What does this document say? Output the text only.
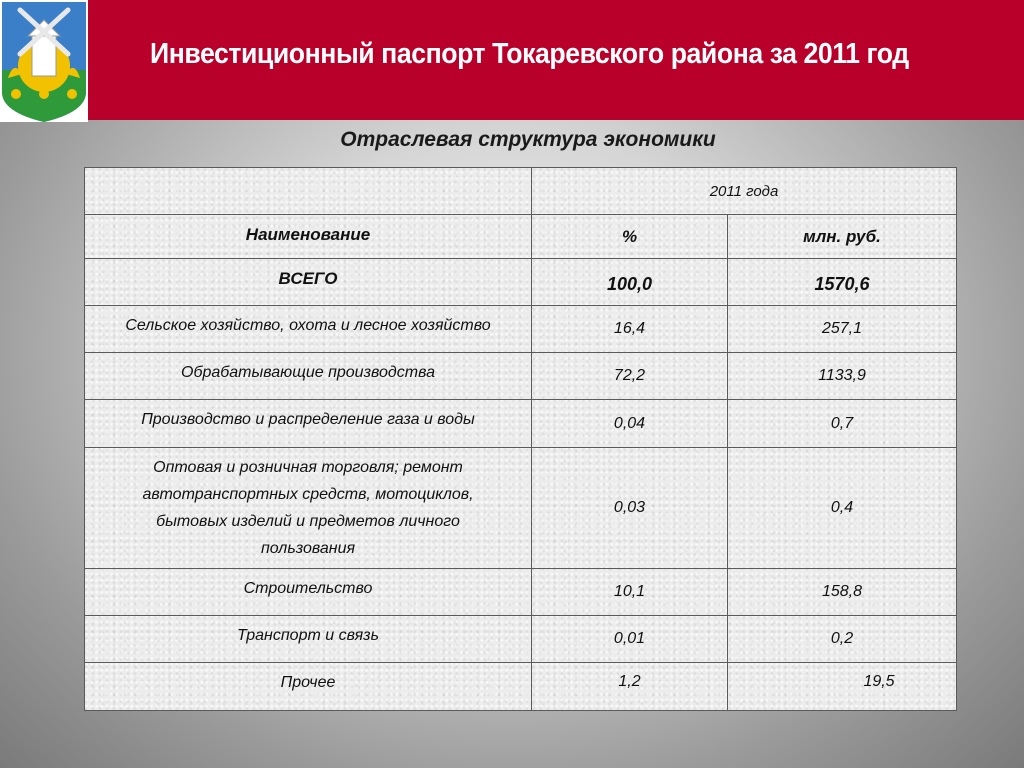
Инвестиционный паспорт Токаревского района за 2011 год
Отраслевая структура экономики
	2011 года	
Наименование	%	млн. руб.
ВСЕГО	100,0	1570,6
Сельское хозяйство, охота и лесное хозяйство	16,4	257,1
Обрабатывающие производства	72,2	1133,9
Производство и распределение газа и воды	0,04	0,7
Оптовая и розничная торговля; ремонт автотранспортных средств, мотоциклов, бытовых изделий и предметов личного пользования	0,03	0,4
Строительство	10,1	158,8
Транспорт и связь	0,01	0,2
Прочее	1,2	19,5
